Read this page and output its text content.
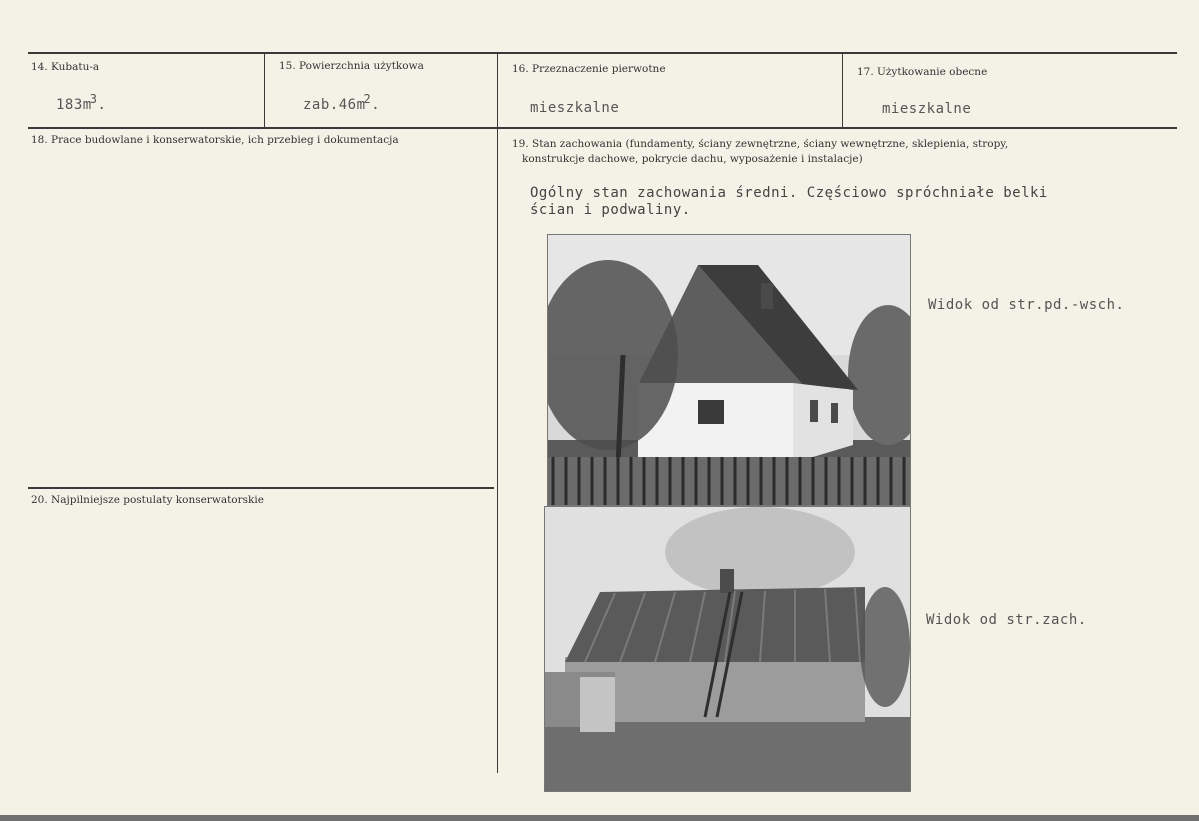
14. Kubatu-a
$183m^3$.
15. Powierzchnia użytkowa
$zab.46m^2$.
16. Przeznaczenie pierwotne
mieszkalne
17. Użytkowanie obecne
mieszkalne
18. Prace budowlane i konserwatorskie, ich przebieg i dokumentacja	19. Stan zachowania (fundamenty, ściany zewnętrzne, ściany wewnętrzne, sklepienia, stropy,
konstrukcje dachowe, pokrycie dachu, wyposażenie i instalacje)
Ogólny stan zachowania średni. Częściowo spróchniałe belki
ścian i podwaliny.
20. Najpilniejsze postulaty konserwatorskie
Widok od str.pd.-wsch.
Widok od str.zach.
